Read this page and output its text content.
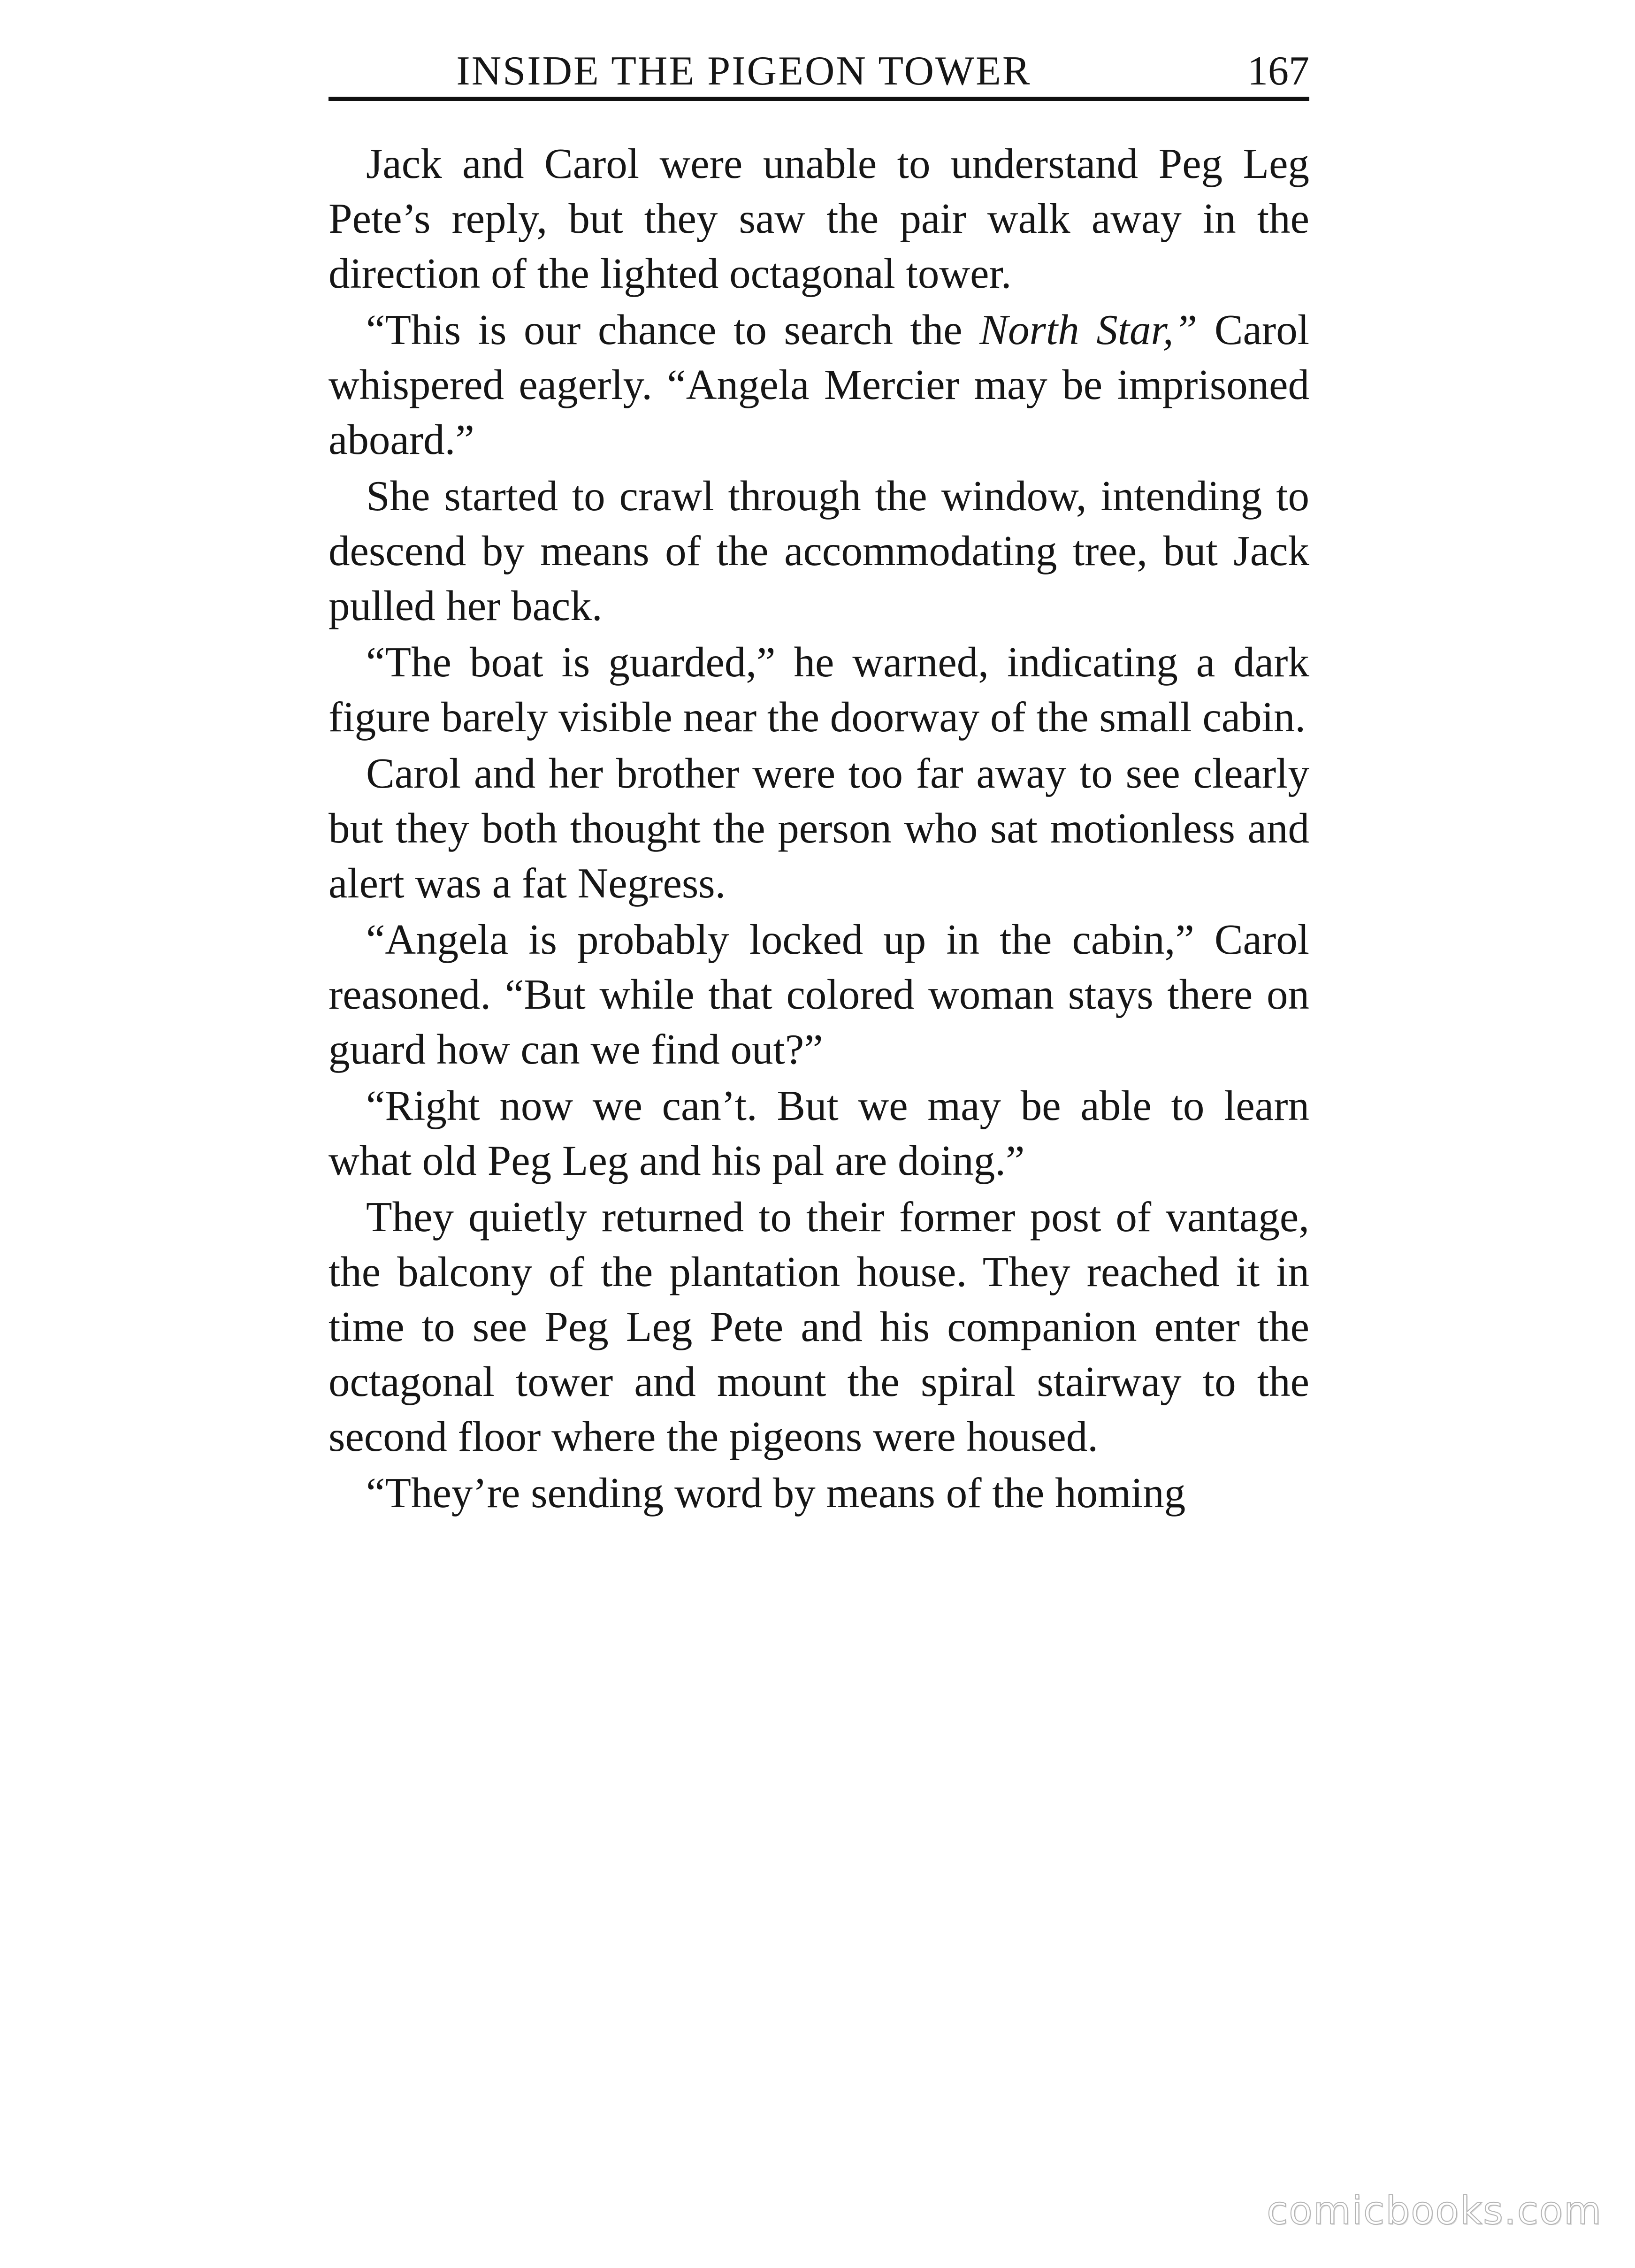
INSIDE THE PIGEON TOWER	167

Jack and Carol were unable to understand Peg Leg Pete’s reply, but they saw the pair walk away in the direction of the lighted octagonal tower.

“This is our chance to search the North Star,” Carol whispered eagerly. “Angela Mercier may be imprisoned aboard.”

She started to crawl through the window, intending to descend by means of the accommodating tree, but Jack pulled her back.

“The boat is guarded,” he warned, indicating a dark figure barely visible near the doorway of the small cabin.

Carol and her brother were too far away to see clearly but they both thought the person who sat motionless and alert was a fat Negress.

“Angela is probably locked up in the cabin,” Carol reasoned. “But while that colored woman stays there on guard how can we find out?”

“Right now we can’t. But we may be able to learn what old Peg Leg and his pal are doing.”

They quietly returned to their former post of vantage, the balcony of the plantation house. They reached it in time to see Peg Leg Pete and his companion enter the octagonal tower and mount the spiral stairway to the second floor where the pigeons were housed.

“They’re sending word by means of the homing

comicbooks.com
